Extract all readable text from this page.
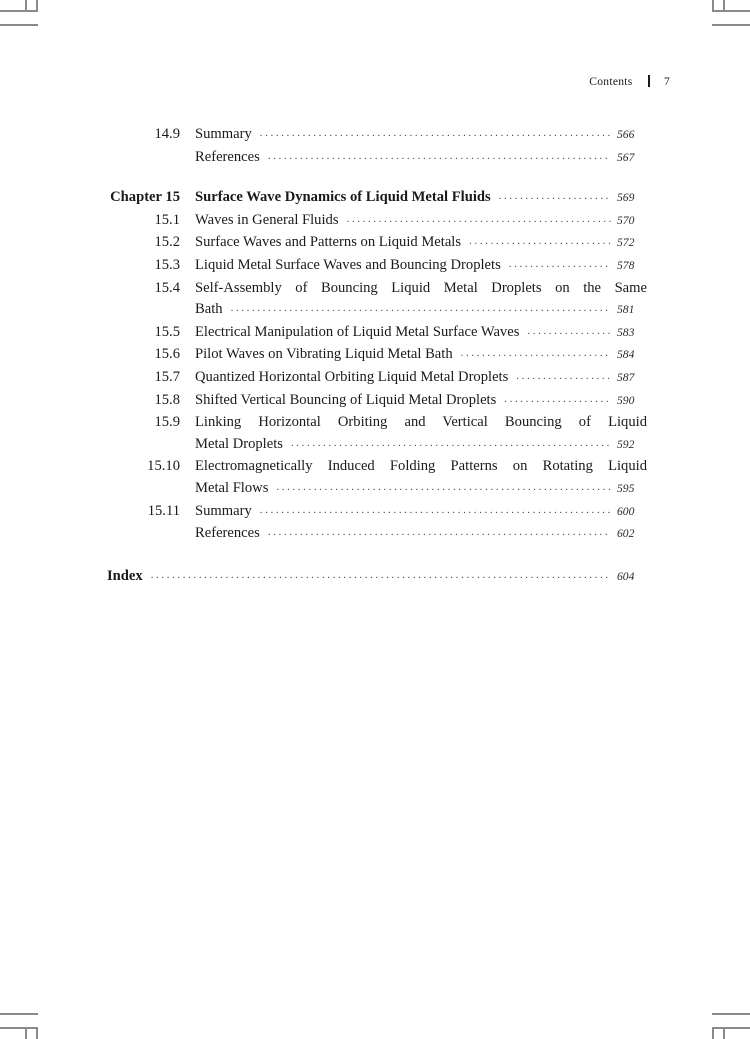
Contents	7
14.9 Summary .....	566
References .....	567
Chapter 15 Surface Wave Dynamics of Liquid Metal Fluids .....	569
15.1 Waves in General Fluids .....	570
15.2 Surface Waves and Patterns on Liquid Metals .....	572
15.3 Liquid Metal Surface Waves and Bouncing Droplets .....	578
15.4 Self-Assembly of Bouncing Liquid Metal Droplets on the Same
Bath .....	581
15.5 Electrical Manipulation of Liquid Metal Surface Waves .....	583
15.6 Pilot Waves on Vibrating Liquid Metal Bath .....	584
15.7 Quantized Horizontal Orbiting Liquid Metal Droplets .....	587
15.8 Shifted Vertical Bouncing of Liquid Metal Droplets .....	590
15.9 Linking Horizontal Orbiting and Vertical Bouncing of Liquid
Metal Droplets .....	592
15.10 Electromagnetically Induced Folding Patterns on Rotating Liquid
Metal Flows .....	595
15.11 Summary .....	600
References .....	602
Index .....	604
